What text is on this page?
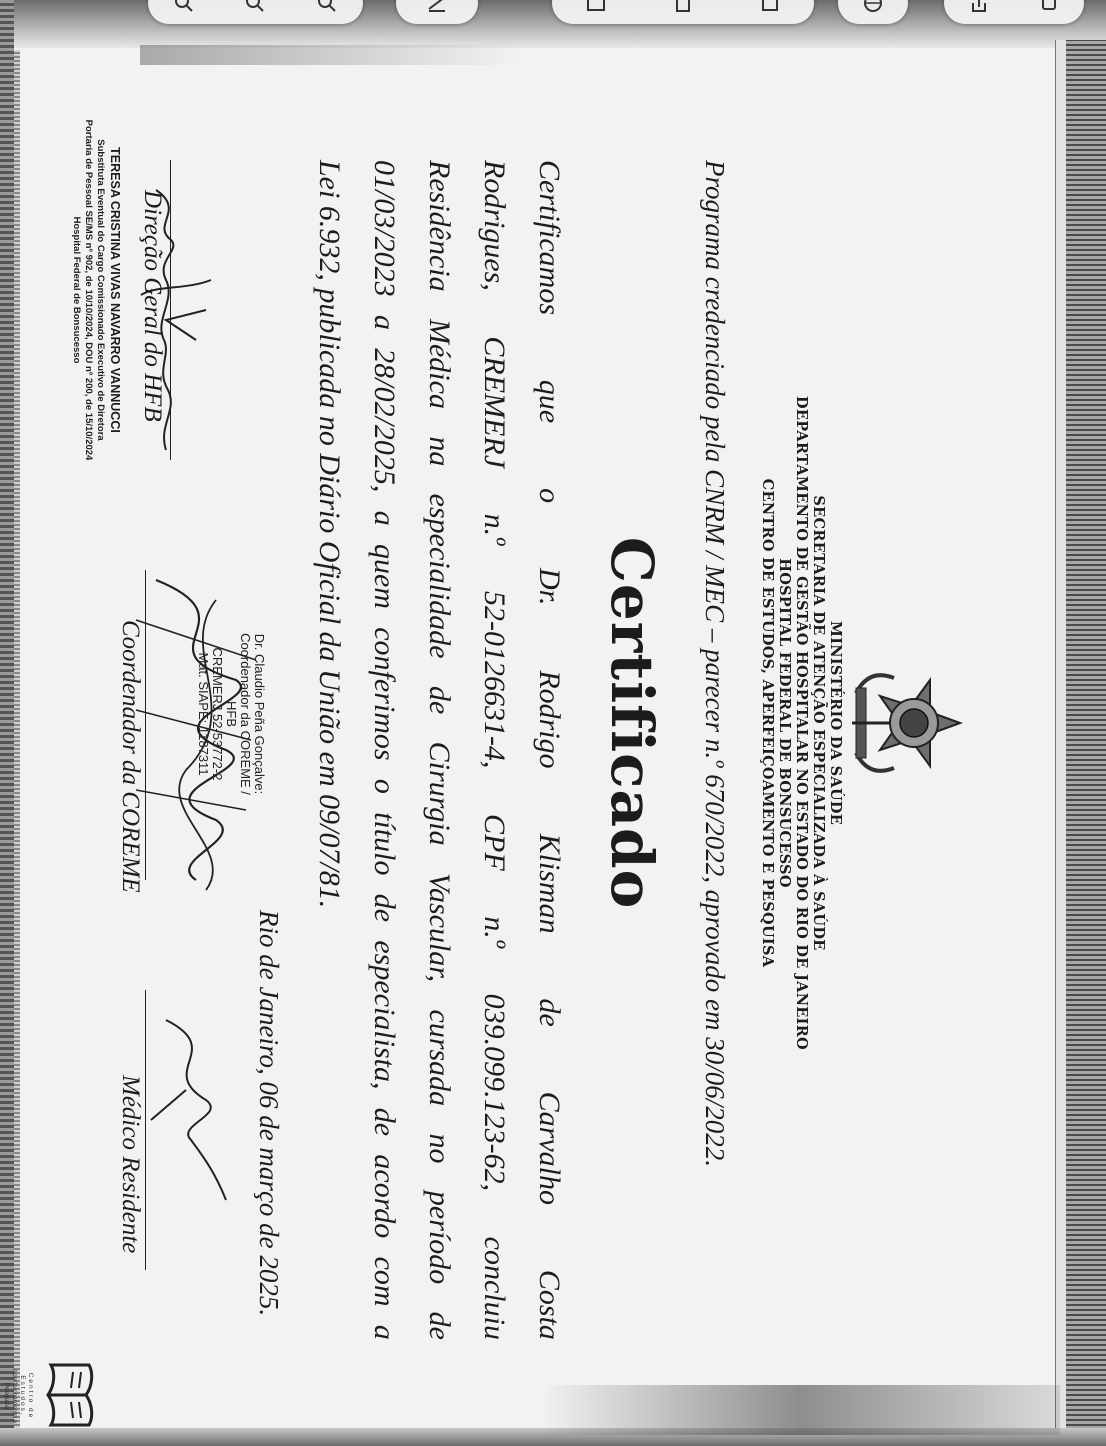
MINISTÉRIO DA SAÚDE
SECRETARIA DE ATENÇÃO ESPECIALIZADA À SAÚDE
DEPARTAMENTO DE GESTÃO HOSPITALAR NO ESTADO DO RIO DE JANEIRO
HOSPITAL FEDERAL DE BONSUCESSO
CENTRO DE ESTUDOS, APERFEIÇOAMENTO E PESQUISA
Programa credenciado pela CNRM / MEC – parecer n.º 670/2022, aprovado em 30/06/2022.
Certificado
Certificamos
que
o
Dr.
Rodrigo
Klisman
de
Carvalho
Costa
Rodrigues,
CREMERJ
n.º
52-0126631-4,
CPF
n.º
039.099.123-62,
concluiu
Residência
Médica
na
especialidade
de
Cirurgia
Vascular,
cursada
no
período
de
01/03/2023
a
28/02/2025,
a
quem
conferimos
o
título
de
especialista,
de
acordo
com
a
Lei 6.932, publicada no Diário Oficial da União em 09/07/81.
Rio de Janeiro, 06 de março de 2025.
Direção Geral do HFB
TERESA CRISTINA VIVAS NAVARRO VANNUCCI
Substituta Eventual do Cargo Comissionado Executivo de Diretora
Portaria de Pessoal SE/MS nº 902, de 10/10/2024, DOU nº 200, de 15/10/2024
Hospital Federal de Bonsucesso
Dr. Claudio Peña Gonçalve:
Coordenador da COREME / HFB
CREMERJ 52-53772-2
Mat. SIAPE: 1187311
Coordenador da COREME
Médico Residente
Centro de Estudos,
Aperfeiçoamento e Pesquisa
